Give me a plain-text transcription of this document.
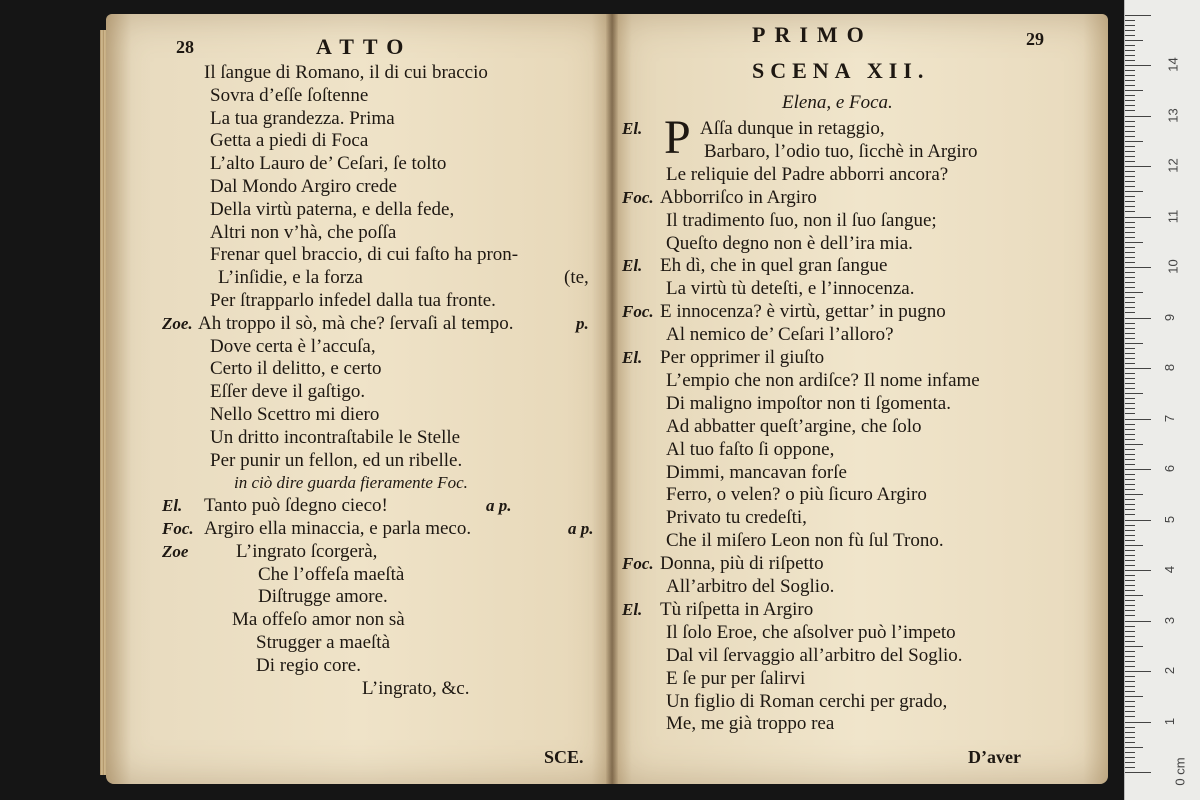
28	ATTO
Il ſangue di Romano, il di cui braccio
Sovra d’eſſe ſoſtenne
La tua grandezza. Prima
Getta a piedi di Foca
L’alto Lauro de’ Ceſari, ſe tolto
Dal Mondo Argiro crede
Della virtù paterna, e della fede,
Altri non v’hà, che poſſa
Frenar quel braccio, di cui faſto ha pron-
L’inſidie, e la forza	(te,
Per ſtrapparlo infedel dalla tua fronte.
Zoe. Ah troppo il sò, mà che? ſervaſi al tempo.	p.
Dove certa è l’accuſa,
Certo il delitto, e certo
Eſſer deve il gaſtigo.
Nello Scettro mi diero
Un dritto incontraſtabile le Stelle
Per punir un fellon, ed un ribelle.
in ciò dire guarda fieramente Foc.
El. Tanto può ſdegno cieco!	a p.
Foc. Argiro ella minaccia, e parla meco.	a p.
Zoe	L’ingrato ſcorgerà,
Che l’offeſa maeſtà
Diſtrugge amore.
Ma offeſo amor non sà
Strugger a maeſtà
Di regio core.
L’ingrato, &c.
SCE.
PRIMO	29
SCENA XII.
Elena, e Foca.
El. P Aſſa dunque in retaggio,
Barbaro, l’odio tuo, ſicchè in Argiro
Le reliquie del Padre abborri ancora?
Foc. Abborriſco in Argiro
Il tradimento ſuo, non il ſuo ſangue;
Queſto degno non è dell’ira mia.
El. Eh dì, che in quel gran ſangue
La virtù tù deteſti, e l’innocenza.
Foc. E innocenza? è virtù, gettar’ in pugno
Al nemico de’ Ceſari l’alloro?
El. Per opprimer il giuſto
L’empio che non ardiſce? Il nome infame
Di maligno impoſtor non ti ſgomenta.
Ad abbatter queſt’argine, che ſolo
Al tuo faſto ſi oppone,
Dimmi, mancavan forſe
Ferro, o velen? o più ſicuro Argiro
Privato tu credeſti,
Che il miſero Leon non fù ſul Trono.
Foc. Donna, più di riſpetto
All’arbitro del Soglio.
El. Tù riſpetta in Argiro
Il ſolo Eroe, che aſsolver può l’impeto
Dal vil ſervaggio all’arbitro del Soglio.
E ſe pur per ſalirvi
Un figlio di Roman cerchi per grado,
Me, me già troppo rea
D’aver
0 cm
1
2
3
4
5
6
7
8
9
10
11
12
13
14
